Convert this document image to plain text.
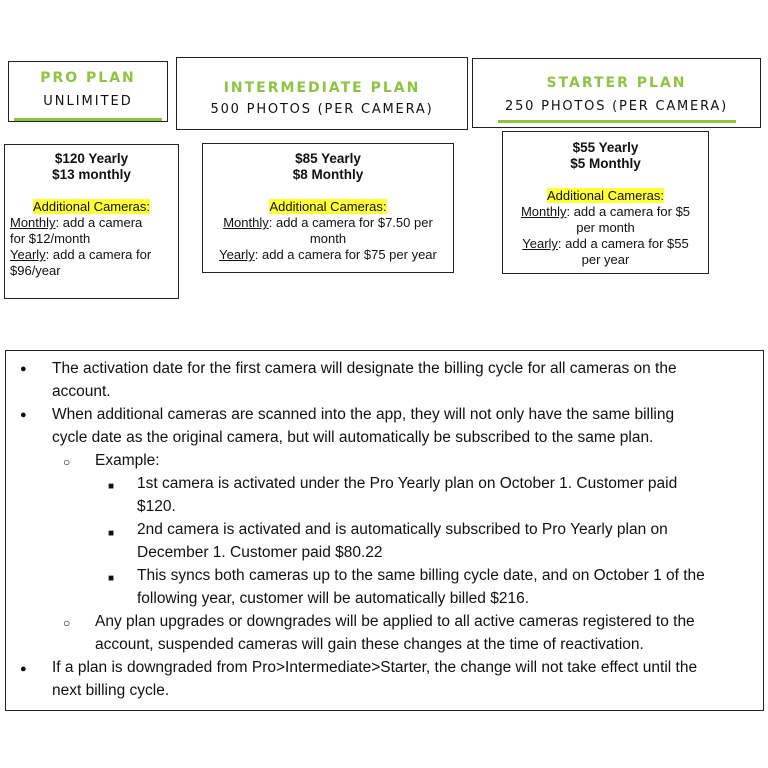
PRO PLAN
UNLIMITED
INTERMEDIATE PLAN
500 PHOTOS (PER CAMERA)
STARTER PLAN
250 PHOTOS (PER CAMERA)
$120 Yearly
$13 monthly
Additional Cameras:
Monthly: add a camera
for $12/month
Yearly: add a camera for
$96/year
$85 Yearly
$8 Monthly
Additional Cameras:
Monthly: add a camera for $7.50 per
month
Yearly: add a camera for $75 per year
$55 Yearly
$5 Monthly
Additional Cameras:
Monthly: add a camera for $5
per month
Yearly: add a camera for $55
per year
● The activation date for the first camera will designate the billing cycle for all cameras on the
account.
● When additional cameras are scanned into the app, they will not only have the same billing
cycle date as the original camera, but will automatically be subscribed to the same plan.
○ Example:
■ 1st camera is activated under the Pro Yearly plan on October 1. Customer paid
$120.
■ 2nd camera is activated and is automatically subscribed to Pro Yearly plan on
December 1. Customer paid $80.22
■ This syncs both cameras up to the same billing cycle date, and on October 1 of the
following year, customer will be automatically billed $216.
○ Any plan upgrades or downgrades will be applied to all active cameras registered to the
account, suspended cameras will gain these changes at the time of reactivation.
● If a plan is downgraded from Pro>Intermediate>Starter, the change will not take effect until the
next billing cycle.
